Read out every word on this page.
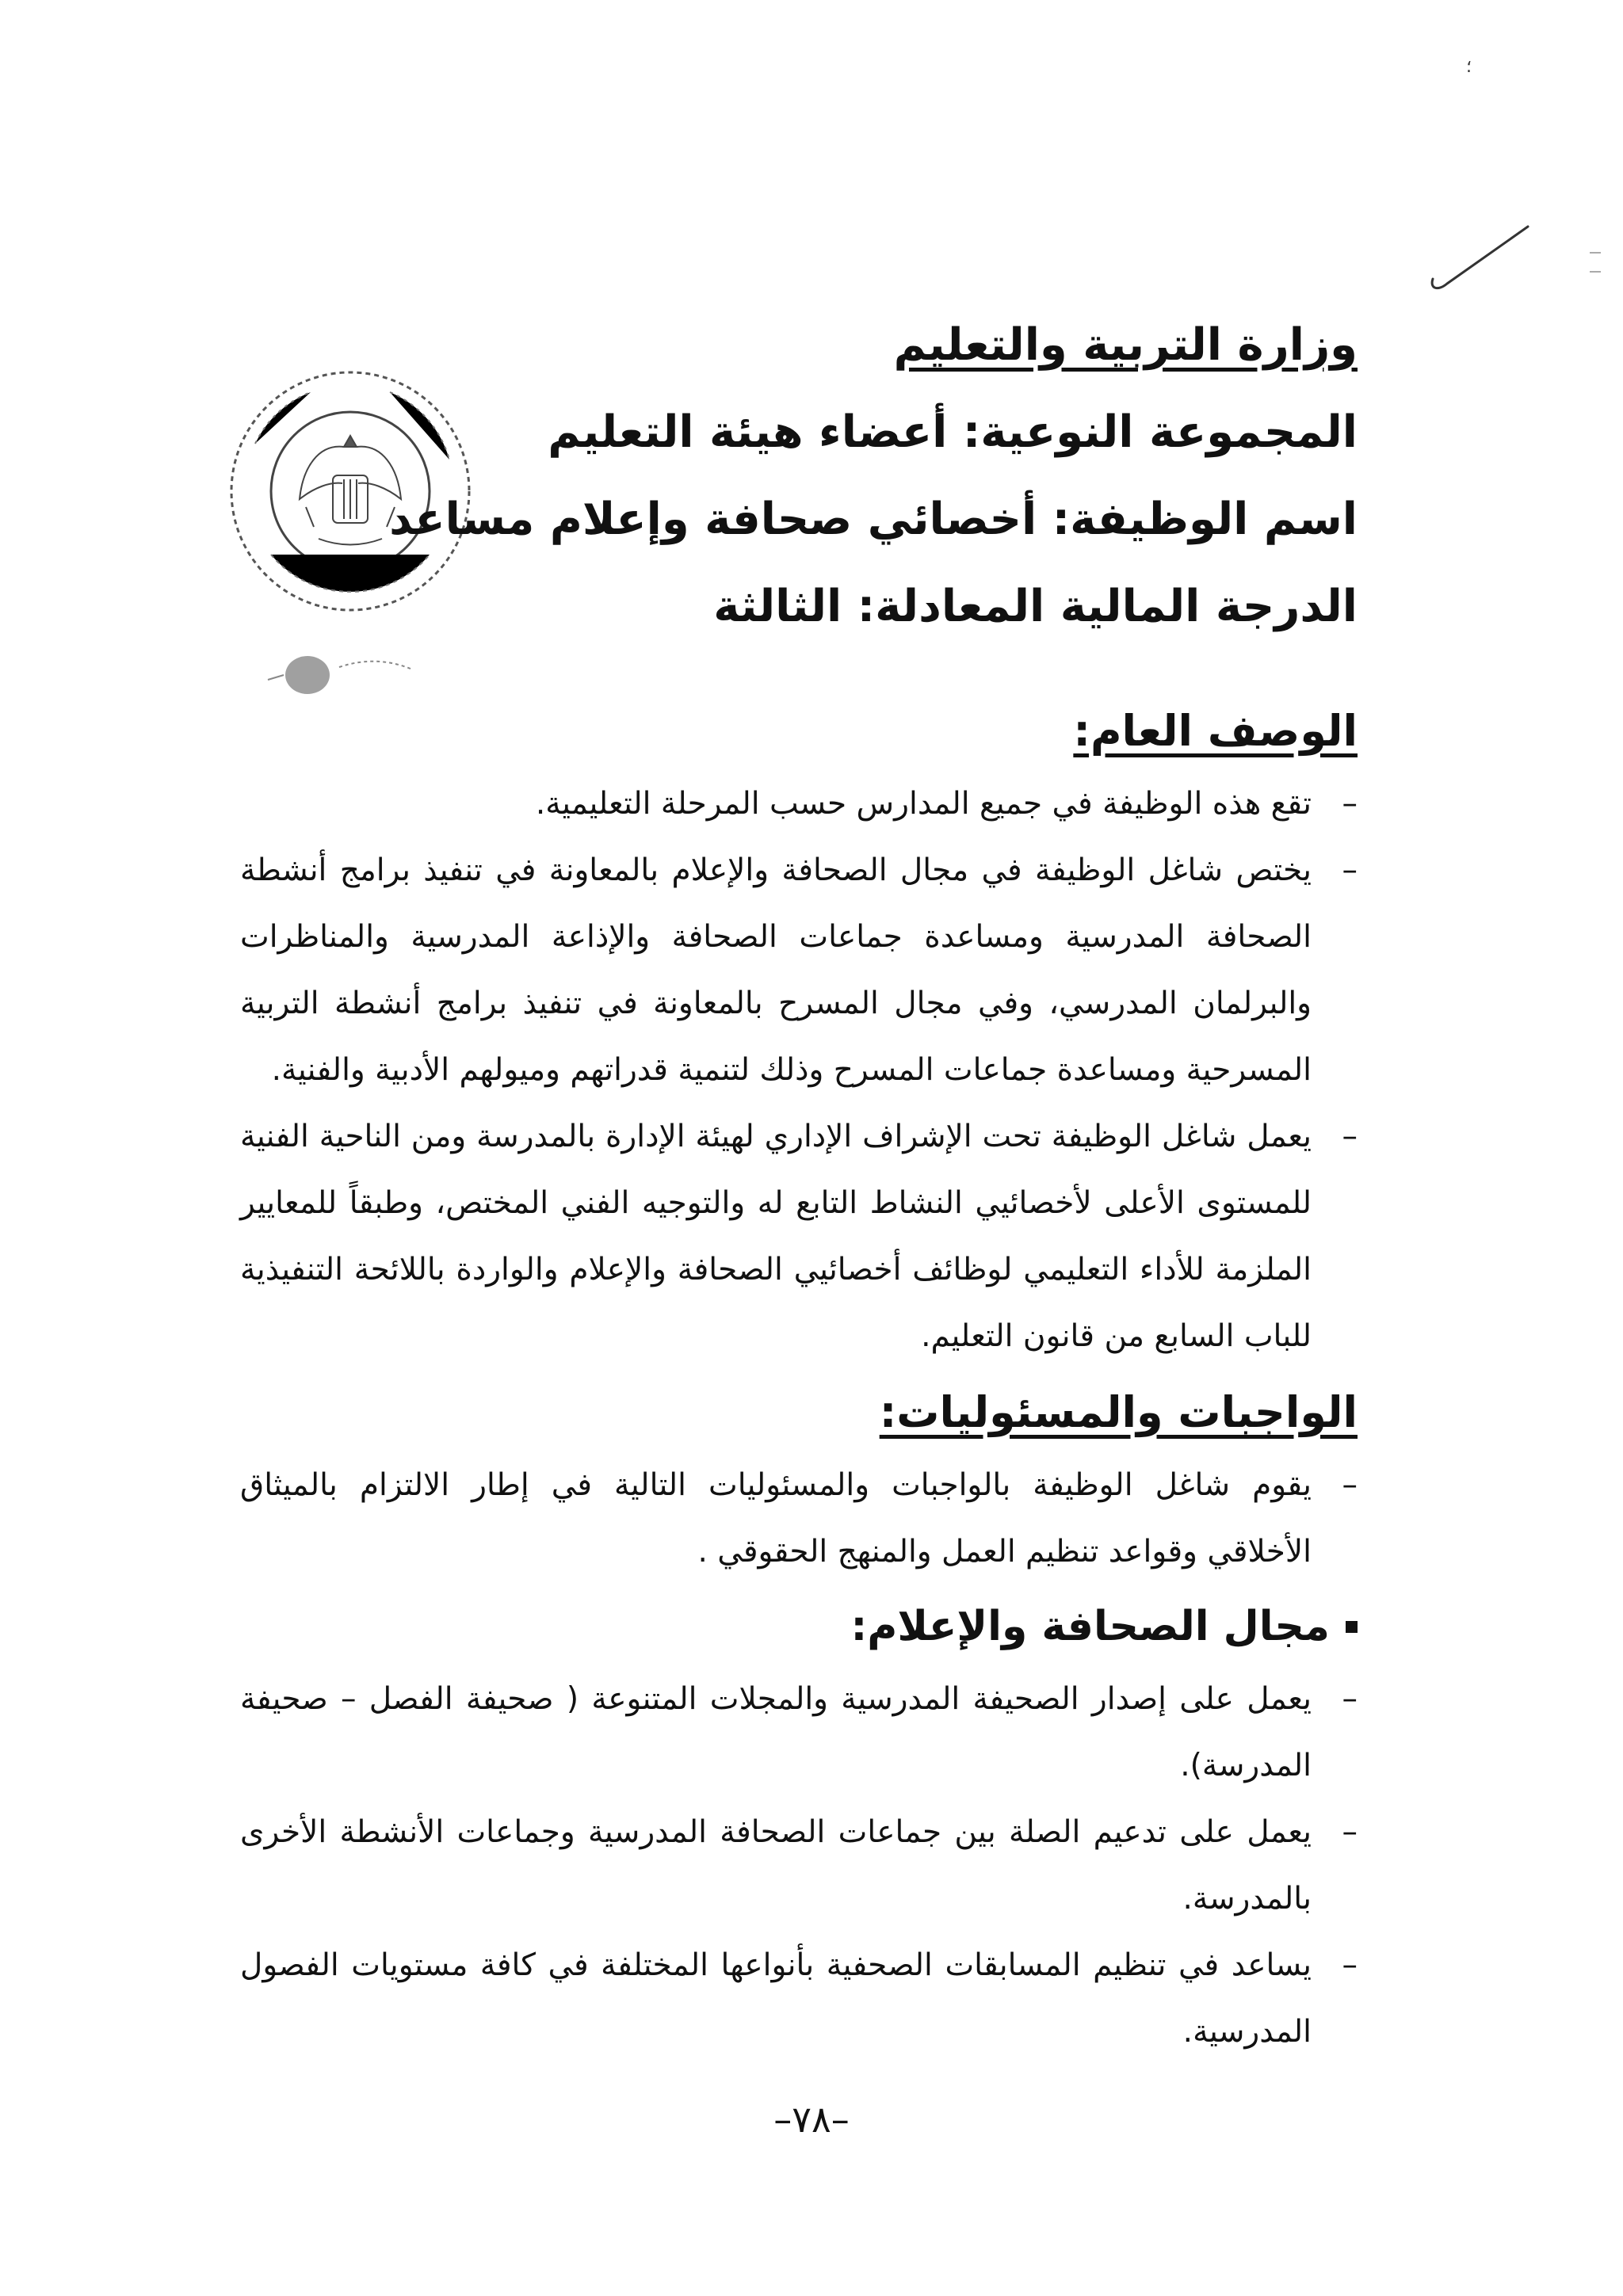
؛
وزارة التربية والتعليم
المجموعة النوعية: أعضاء هيئة التعليم
اسم الوظيفة: أخصائي صحافة وإعلام مساعد
الدرجة المالية المعادلة: الثالثة
الوصف العام:
–
تقع هذه الوظيفة في جميع المدارس حسب المرحلة التعليمية.
–
يختص شاغل الوظيفة في مجال الصحافة والإعلام بالمعاونة في تنفيذ برامج أنشطة الصحافة المدرسية ومساعدة جماعات الصحافة والإذاعة المدرسية والمناظرات والبرلمان المدرسي، وفي مجال المسرح بالمعاونة في تنفيذ برامج أنشطة التربية المسرحية ومساعدة جماعات المسرح وذلك لتنمية قدراتهم وميولهم الأدبية والفنية.
–
يعمل شاغل الوظيفة تحت الإشراف الإداري لهيئة الإدارة بالمدرسة ومن الناحية الفنية للمستوى الأعلى لأخصائيي النشاط التابع له والتوجيه الفني المختص، وطبقاً للمعايير الملزمة للأداء التعليمي لوظائف أخصائيي الصحافة والإعلام والواردة باللائحة التنفيذية للباب السابع من قانون التعليم.
الواجبات والمسئوليات:
–
يقوم شاغل الوظيفة بالواجبات والمسئوليات التالية في إطار الالتزام بالميثاق الأخلاقي وقواعد تنظيم العمل والمنهج الحقوقي .
مجال الصحافة والإعلام:
–
يعمل على إصدار الصحيفة المدرسية والمجلات المتنوعة ( صحيفة الفصل – صحيفة المدرسة).
–
يعمل على تدعيم الصلة بين جماعات الصحافة المدرسية وجماعات الأنشطة الأخرى بالمدرسة.
–
يساعد في تنظيم المسابقات الصحفية بأنواعها المختلفة في كافة مستويات الفصول المدرسية.
–٧٨–
